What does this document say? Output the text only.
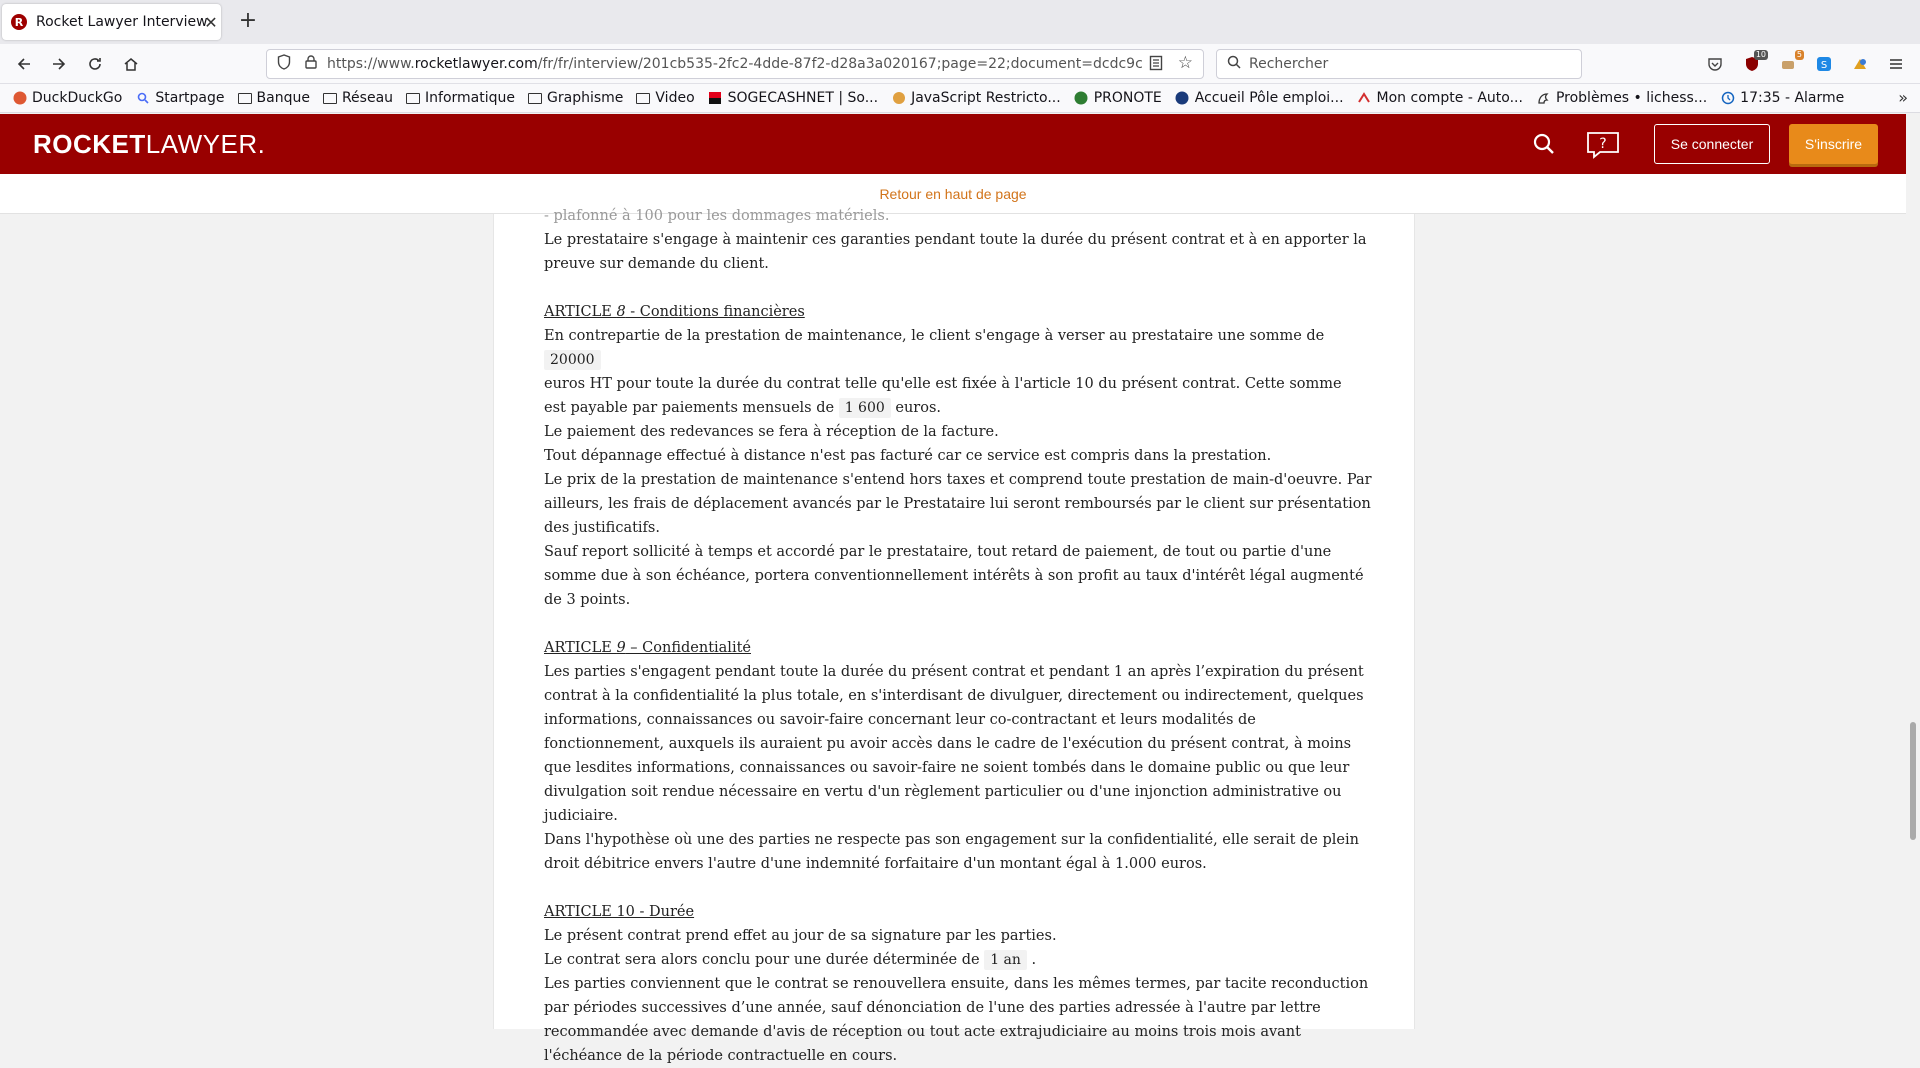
R Rocket Lawyer Interview
✕ +
https://www.rocketlawyer.com/fr/fr/interview/201cb535-2fc2-4dde-87f2-d28a3a020167;page=22;document=dcdc9c ☆	Rechercher
10	5
S
DuckDuckGo Startpage Banque Réseau Informatique Graphisme Video SOGECASHNET | So... JavaScript Restricto... PRONOTE Accueil Pôle emploi... Mon compte - Auto... Problèmes • lichess... 17:35 - Alarme	»
ROCKETLAWYER.	?	Se connecter	S'inscrire
Retour en haut de page

- plafonné à 100 pour les dommages matériels.

Le prestataire s'engage à maintenir ces garanties pendant toute la durée du présent contrat et à en apporter la preuve sur demande du client.

ARTICLE 8 - Conditions financières

En contrepartie de la prestation de maintenance, le client s'engage à verser au prestataire une somme de 20000

euros HT pour toute la durée du contrat telle qu'elle est fixée à l'article 10 du présent contrat. Cette somme

est payable par paiements mensuels de 1 600 euros.

Le paiement des redevances se fera à réception de la facture.

Tout dépannage effectué à distance n'est pas facturé car ce service est compris dans la prestation.

Le prix de la prestation de maintenance s'entend hors taxes et comprend toute prestation de main-d'oeuvre. Par ailleurs, les frais de déplacement avancés par le Prestataire lui seront remboursés par le client sur présentation des justificatifs.

Sauf report sollicité à temps et accordé par le prestataire, tout retard de paiement, de tout ou partie d'une somme due à son échéance, portera conventionnellement intérêts à son profit au taux d'intérêt légal augmenté de 3 points.

ARTICLE 9 – Confidentialité

Les parties s'engagent pendant toute la durée du présent contrat et pendant 1 an après l’expiration du présent contrat à la confidentialité la plus totale, en s'interdisant de divulguer, directement ou indirectement, quelques informations, connaissances ou savoir-faire concernant leur co-contractant et leurs modalités de fonctionnement, auxquels ils auraient pu avoir accès dans le cadre de l'exécution du présent contrat, à moins que lesdites informations, connaissances ou savoir-faire ne soient tombés dans le domaine public ou que leur divulgation soit rendue nécessaire en vertu d'un règlement particulier ou d'une injonction administrative ou judiciaire.

Dans l'hypothèse où une des parties ne respecte pas son engagement sur la confidentialité, elle serait de plein droit débitrice envers l'autre d'une indemnité forfaitaire d'un montant égal à 1.000 euros.

ARTICLE 10 - Durée

Le présent contrat prend effet au jour de sa signature par les parties.

Le contrat sera alors conclu pour une durée déterminée de 1 an .

Les parties conviennent que le contrat se renouvellera ensuite, dans les mêmes termes, par tacite reconduction par périodes successives d’une année, sauf dénonciation de l'une des parties adressée à l'autre par lettre recommandée avec demande d'avis de réception ou tout acte extrajudiciaire au moins trois mois avant l'échéance de la période contractuelle en cours.
